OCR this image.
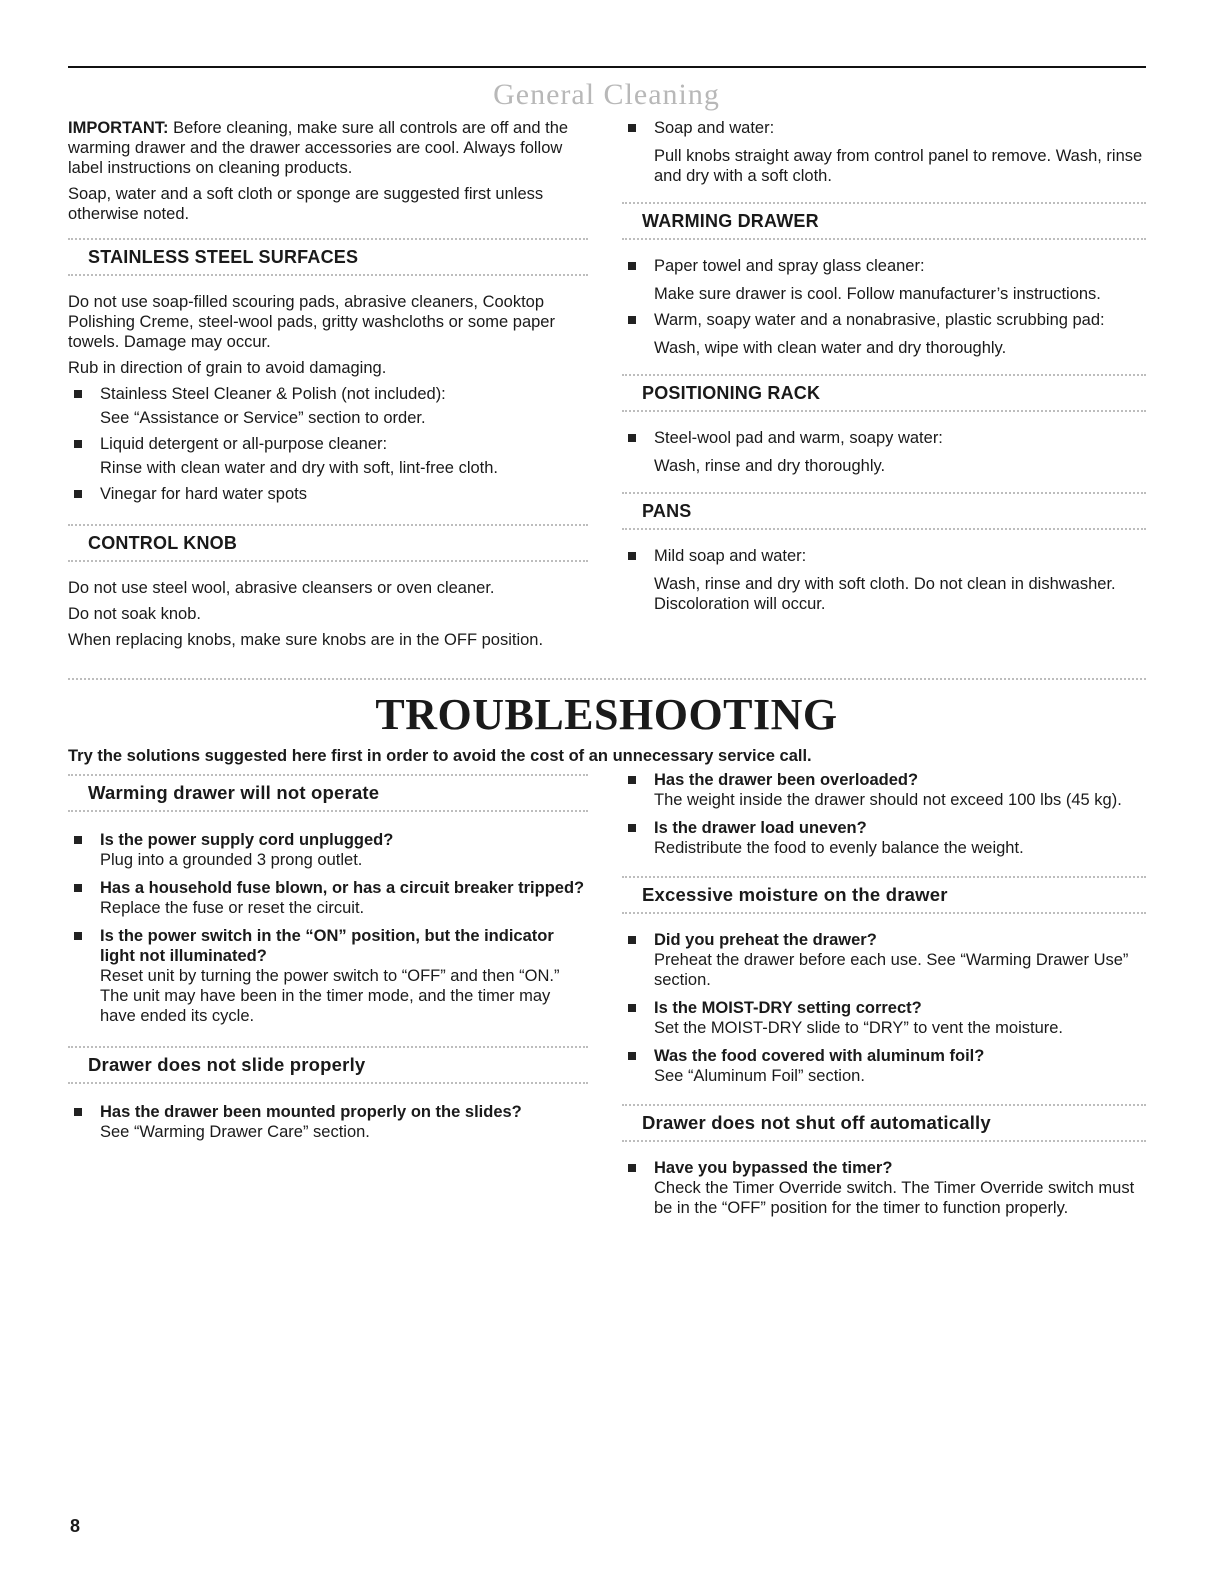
General Cleaning

IMPORTANT: Before cleaning, make sure all controls are off and the warming drawer and the drawer accessories are cool. Always follow label instructions on cleaning products.

Soap, water and a soft cloth or sponge are suggested first unless otherwise noted.

STAINLESS STEEL SURFACES

Do not use soap-filled scouring pads, abrasive cleaners, Cooktop Polishing Creme, steel-wool pads, gritty washcloths or some paper towels. Damage may occur.

Rub in direction of grain to avoid damaging.

Stainless Steel Cleaner & Polish (not included):

See “Assistance or Service” section to order.

Liquid detergent or all-purpose cleaner:

Rinse with clean water and dry with soft, lint-free cloth.

Vinegar for hard water spots
CONTROL KNOB

Do not use steel wool, abrasive cleansers or oven cleaner.

Do not soak knob.

When replacing knobs, make sure knobs are in the OFF position.

Soap and water:

Pull knobs straight away from control panel to remove. Wash, rinse and dry with a soft cloth.

WARMING DRAWER
Paper towel and spray glass cleaner:

Make sure drawer is cool. Follow manufacturer’s instructions.

Warm, soapy water and a nonabrasive, plastic scrubbing pad:

Wash, wipe with clean water and dry thoroughly.

POSITIONING RACK
Steel-wool pad and warm, soapy water:

Wash, rinse and dry thoroughly.

PANS
Mild soap and water:

Wash, rinse and dry with soft cloth. Do not clean in dishwasher. Discoloration will occur.

TROUBLESHOOTING
Try the solutions suggested here first in order to avoid the cost of an unnecessary service call.
Warming drawer will not operate
Is the power supply cord unplugged?
Plug into a grounded 3 prong outlet.
Has a household fuse blown, or has a circuit breaker tripped?
Replace the fuse or reset the circuit.
Is the power switch in the “ON” position, but the indicator light not illuminated?
Reset unit by turning the power switch to “OFF” and then “ON.” The unit may have been in the timer mode, and the timer may have ended its cycle.
Drawer does not slide properly
Has the drawer been mounted properly on the slides?
See “Warming Drawer Care” section.
Has the drawer been overloaded?
The weight inside the drawer should not exceed 100 lbs (45 kg).
Is the drawer load uneven?
Redistribute the food to evenly balance the weight.
Excessive moisture on the drawer
Did you preheat the drawer?
Preheat the drawer before each use. See “Warming Drawer Use” section.
Is the MOIST-DRY setting correct?
Set the MOIST-DRY slide to “DRY” to vent the moisture.
Was the food covered with aluminum foil?
See “Aluminum Foil” section.
Drawer does not shut off automatically
Have you bypassed the timer?
Check the Timer Override switch. The Timer Override switch must be in the “OFF” position for the timer to function properly.
8
